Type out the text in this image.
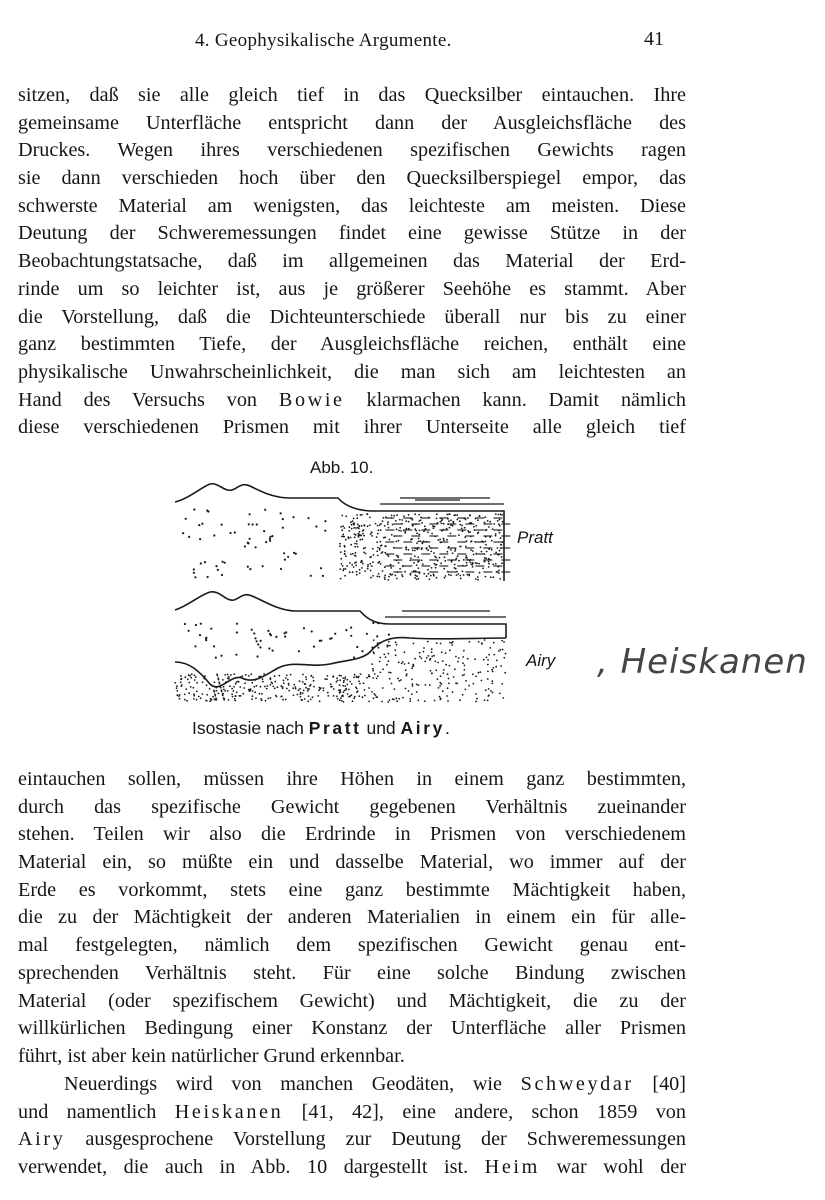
4. Geophysikalische Argumente.	41
sitzen, daß sie alle gleich tief in das Quecksilber eintauchen. Ihre
gemeinsame Unterfläche entspricht dann der Ausgleichsfläche des
Druckes. Wegen ihres verschiedenen spezifischen Gewichts ragen
sie dann verschieden hoch über den Quecksilberspiegel empor, das
schwerste Material am wenigsten, das leichteste am meisten. Diese
Deutung der Schweremessungen findet eine gewisse Stütze in der
Beobachtungstatsache, daß im allgemeinen das Material der Erd-
rinde um so leichter ist, aus je größerer Seehöhe es stammt. Aber
die Vorstellung, daß die Dichteunterschiede überall nur bis zu einer
ganz bestimmten Tiefe, der Ausgleichsfläche reichen, enthält eine
physikalische Unwahrscheinlichkeit, die man sich am leichtesten an
Hand des Versuchs von Bowie klarmachen kann. Damit nämlich
diese verschiedenen Prismen mit ihrer Unterseite alle gleich tief
Abb. 10.
Pratt
Airy , Heiskanen
Isostasie nach Pratt und Airy.
eintauchen sollen, müssen ihre Höhen in einem ganz bestimmten,
durch das spezifische Gewicht gegebenen Verhältnis zueinander
stehen. Teilen wir also die Erdrinde in Prismen von verschiedenem
Material ein, so müßte ein und dasselbe Material, wo immer auf der
Erde es vorkommt, stets eine ganz bestimmte Mächtigkeit haben,
die zu der Mächtigkeit der anderen Materialien in einem ein für alle-
mal festgelegten, nämlich dem spezifischen Gewicht genau ent-
sprechenden Verhältnis steht. Für eine solche Bindung zwischen
Material (oder spezifischem Gewicht) und Mächtigkeit, die zu der
willkürlichen Bedingung einer Konstanz der Unterfläche aller Prismen
führt, ist aber kein natürlicher Grund erkennbar.
Neuerdings wird von manchen Geodäten, wie Schweydar [40]
und namentlich Heiskanen [41, 42], eine andere, schon 1859 von
Airy ausgesprochene Vorstellung zur Deutung der Schweremessungen
verwendet, die auch in Abb. 10 dargestellt ist. Heim war wohl der
